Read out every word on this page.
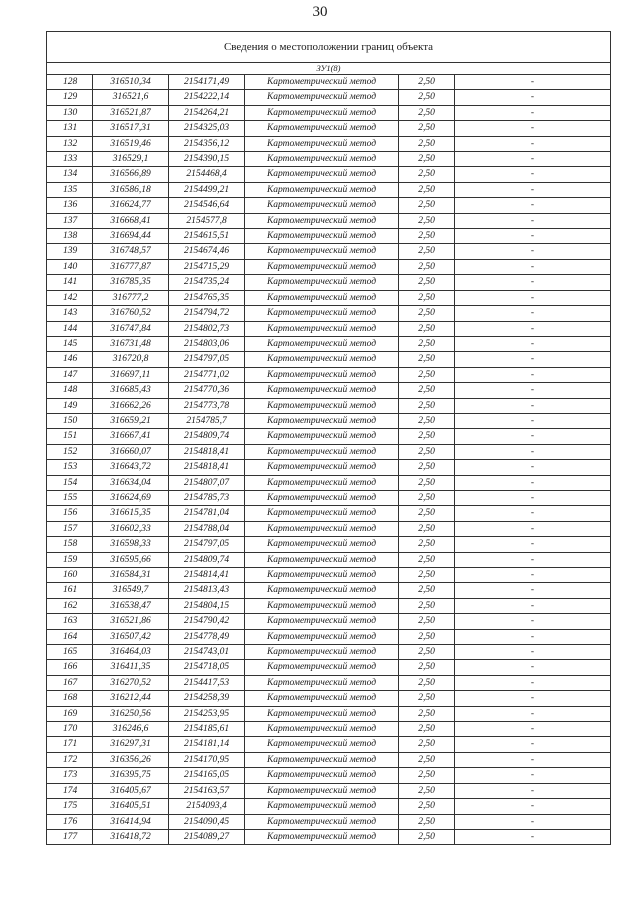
30
Сведения о местоположении границ объекта					
ЗУ1(8)					
128	316510,34	2154171,49	Картометрический метод	2,50	-
129	316521,6	2154222,14	Картометрический метод	2,50	-
130	316521,87	2154264,21	Картометрический метод	2,50	-
131	316517,31	2154325,03	Картометрический метод	2,50	-
132	316519,46	2154356,12	Картометрический метод	2,50	-
133	316529,1	2154390,15	Картометрический метод	2,50	-
134	316566,89	2154468,4	Картометрический метод	2,50	-
135	316586,18	2154499,21	Картометрический метод	2,50	-
136	316624,77	2154546,64	Картометрический метод	2,50	-
137	316668,41	2154577,8	Картометрический метод	2,50	-
138	316694,44	2154615,51	Картометрический метод	2,50	-
139	316748,57	2154674,46	Картометрический метод	2,50	-
140	316777,87	2154715,29	Картометрический метод	2,50	-
141	316785,35	2154735,24	Картометрический метод	2,50	-
142	316777,2	2154765,35	Картометрический метод	2,50	-
143	316760,52	2154794,72	Картометрический метод	2,50	-
144	316747,84	2154802,73	Картометрический метод	2,50	-
145	316731,48	2154803,06	Картометрический метод	2,50	-
146	316720,8	2154797,05	Картометрический метод	2,50	-
147	316697,11	2154771,02	Картометрический метод	2,50	-
148	316685,43	2154770,36	Картометрический метод	2,50	-
149	316662,26	2154773,78	Картометрический метод	2,50	-
150	316659,21	2154785,7	Картометрический метод	2,50	-
151	316667,41	2154809,74	Картометрический метод	2,50	-
152	316660,07	2154818,41	Картометрический метод	2,50	-
153	316643,72	2154818,41	Картометрический метод	2,50	-
154	316634,04	2154807,07	Картометрический метод	2,50	-
155	316624,69	2154785,73	Картометрический метод	2,50	-
156	316615,35	2154781,04	Картометрический метод	2,50	-
157	316602,33	2154788,04	Картометрический метод	2,50	-
158	316598,33	2154797,05	Картометрический метод	2,50	-
159	316595,66	2154809,74	Картометрический метод	2,50	-
160	316584,31	2154814,41	Картометрический метод	2,50	-
161	316549,7	2154813,43	Картометрический метод	2,50	-
162	316538,47	2154804,15	Картометрический метод	2,50	-
163	316521,86	2154790,42	Картометрический метод	2,50	-
164	316507,42	2154778,49	Картометрический метод	2,50	-
165	316464,03	2154743,01	Картометрический метод	2,50	-
166	316411,35	2154718,05	Картометрический метод	2,50	-
167	316270,52	2154417,53	Картометрический метод	2,50	-
168	316212,44	2154258,39	Картометрический метод	2,50	-
169	316250,56	2154253,95	Картометрический метод	2,50	-
170	316246,6	2154185,61	Картометрический метод	2,50	-
171	316297,31	2154181,14	Картометрический метод	2,50	-
172	316356,26	2154170,95	Картометрический метод	2,50	-
173	316395,75	2154165,05	Картометрический метод	2,50	-
174	316405,67	2154163,57	Картометрический метод	2,50	-
175	316405,51	2154093,4	Картометрический метод	2,50	-
176	316414,94	2154090,45	Картометрический метод	2,50	-
177	316418,72	2154089,27	Картометрический метод	2,50	-
